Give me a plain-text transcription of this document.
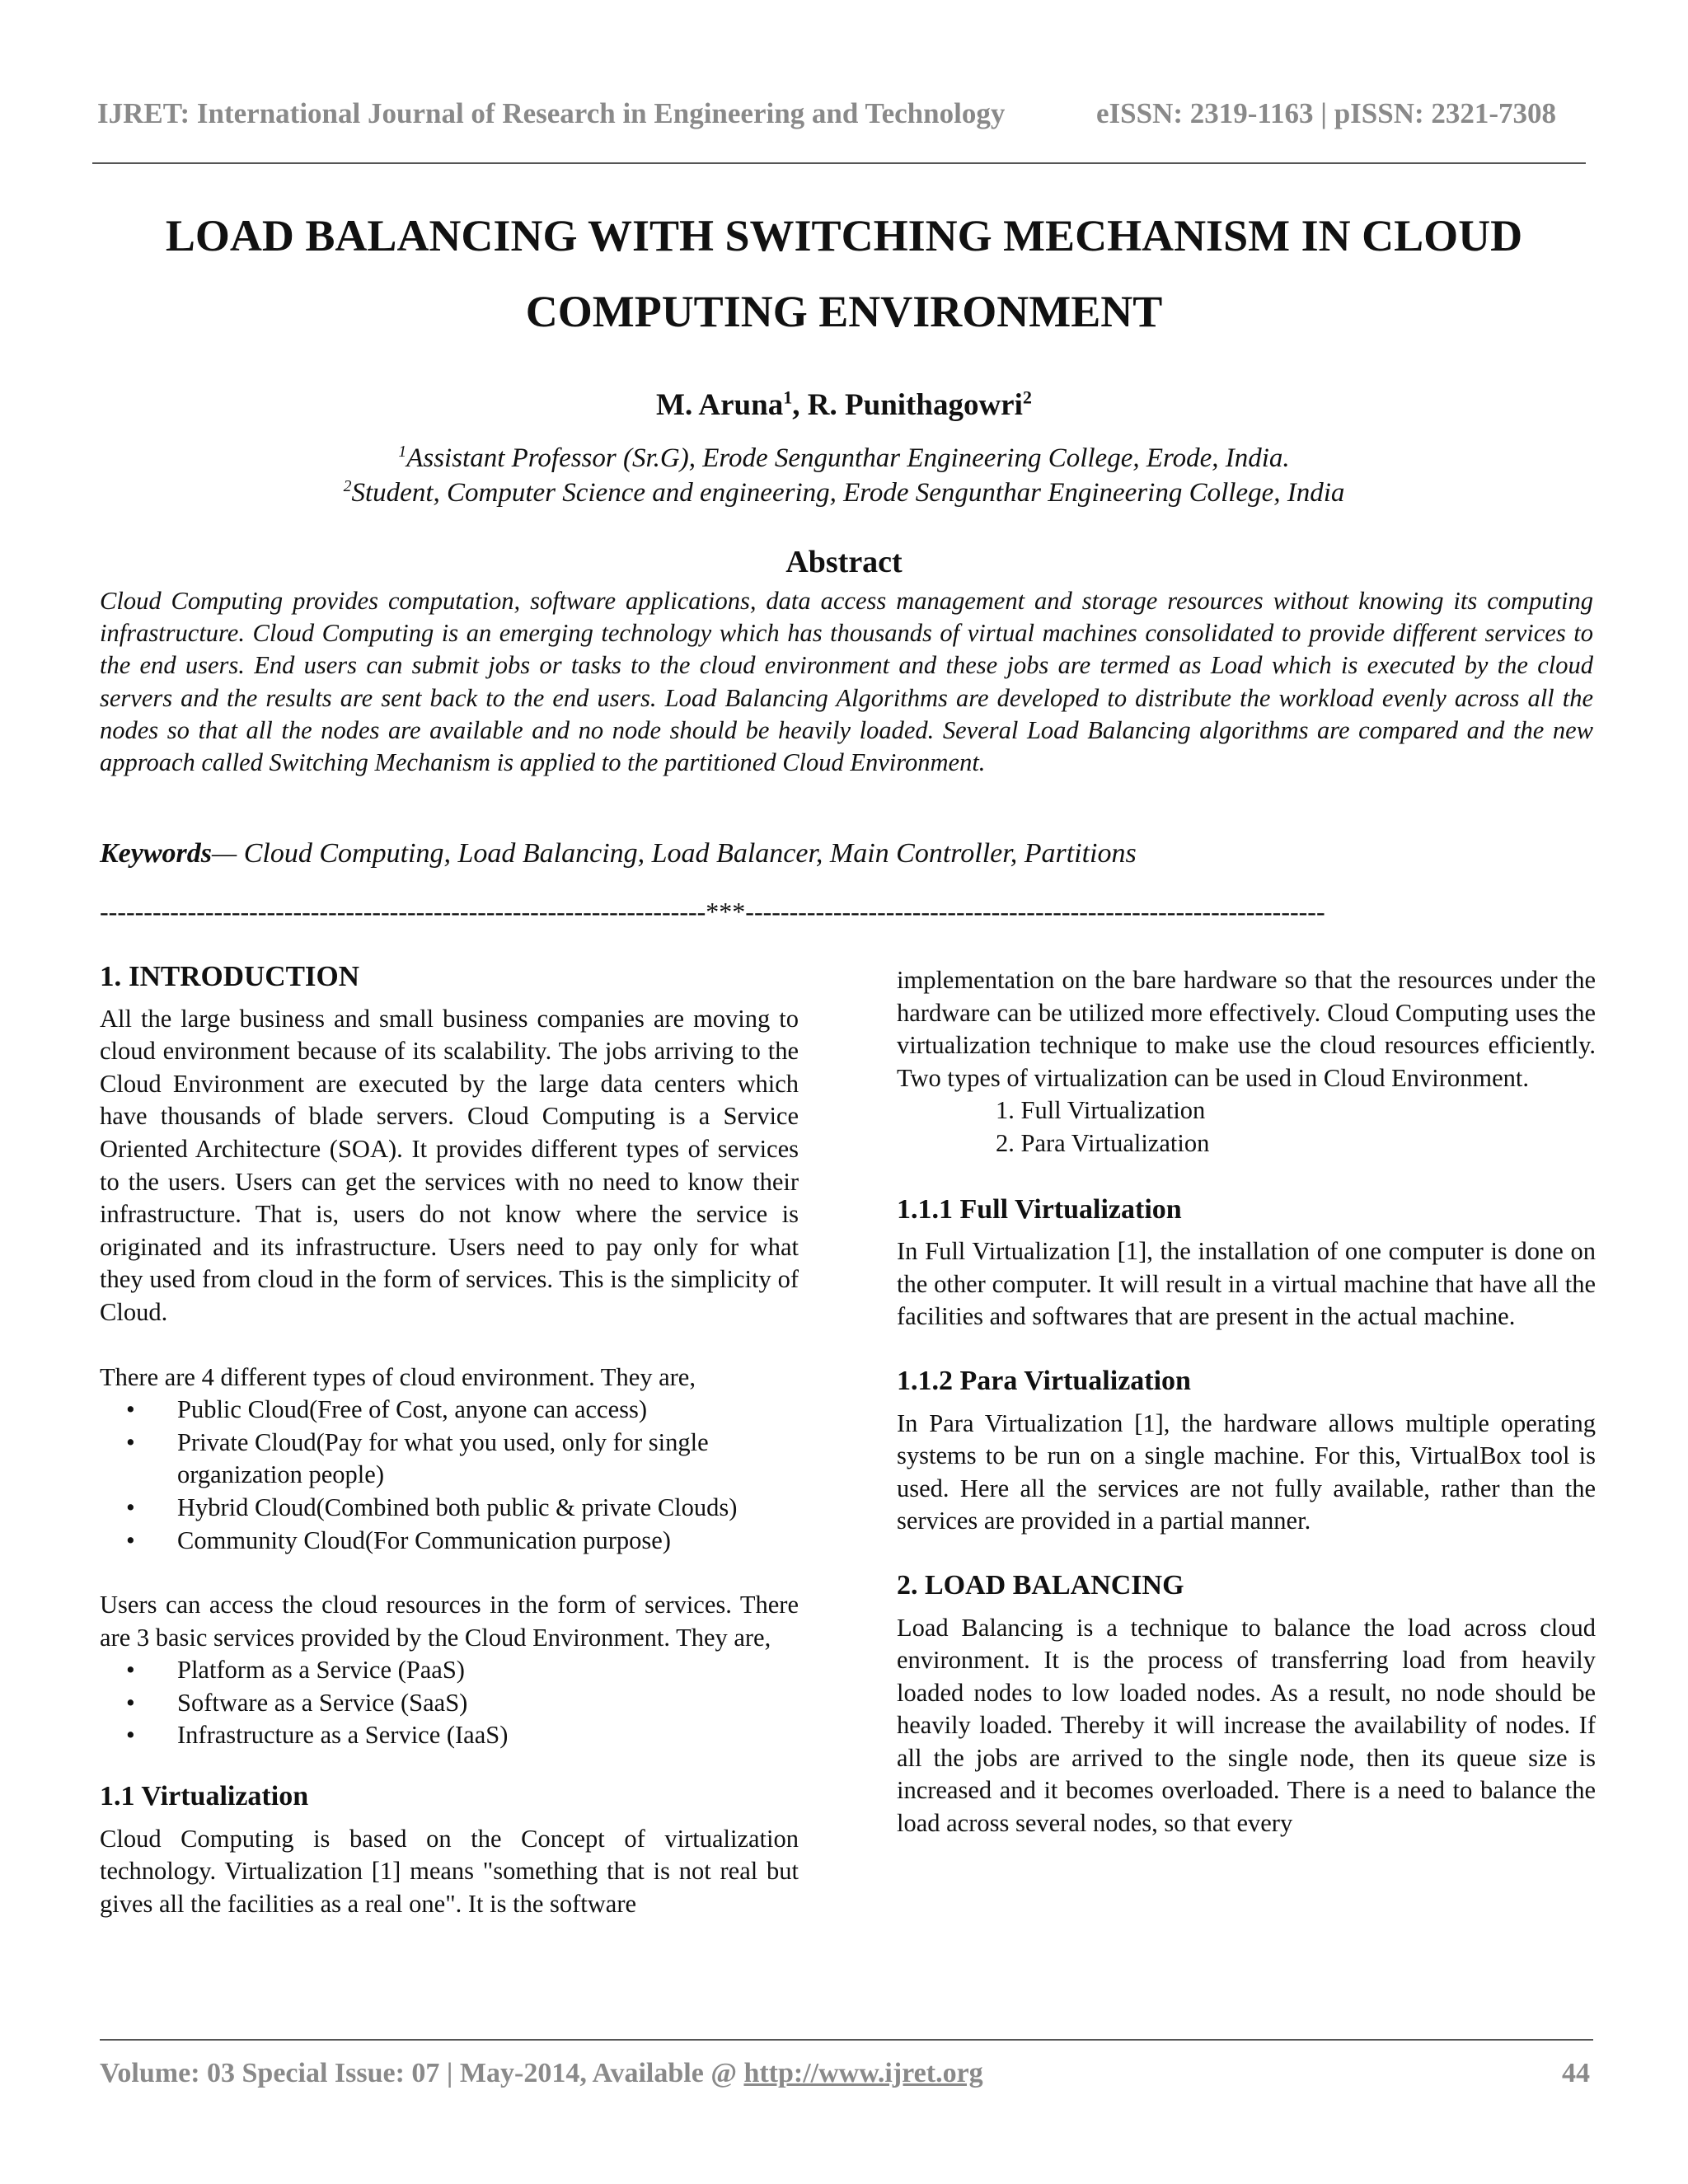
IJRET: International Journal of Research in Engineering and Technology	eISSN: 2319-1163 | pISSN: 2321-7308
LOAD BALANCING WITH SWITCHING MECHANISM IN CLOUD
COMPUTING ENVIRONMENT
M. Aruna$^1$, R. Punithagowri$^2$
$^1$Assistant Professor (Sr.G), Erode Sengunthar Engineering College, Erode, India.
$^2$Student, Computer Science and engineering, Erode Sengunthar Engineering College, India
Abstract
Cloud Computing provides computation, software applications, data access management and storage resources without knowing its computing infrastructure. Cloud Computing is an emerging technology which has thousands of virtual machines consolidated to provide different services to the end users. End users can submit jobs or tasks to the cloud environment and these jobs are termed as Load which is executed by the cloud servers and the results are sent back to the end users. Load Balancing Algorithms are developed to distribute the workload evenly across all the nodes so that all the nodes are available and no node should be heavily loaded. Several Load Balancing algorithms are compared and the new approach called Switching Mechanism is applied to the partitioned Cloud Environment.
Keywords— Cloud Computing, Load Balancing, Load Balancer, Main Controller, Partitions
---------------------------------------------------------------------***------------------------------------------------------------------
1. INTRODUCTION

All the large business and small business companies are moving to cloud environment because of its scalability. The jobs arriving to the Cloud Environment are executed by the large data centers which have thousands of blade servers. Cloud Computing is a Service Oriented Architecture (SOA). It provides different types of services to the users. Users can get the services with no need to know their infrastructure. That is, users do not know where the service is originated and its infrastructure. Users need to pay only for what they used from cloud in the form of services. This is the simplicity of Cloud.

There are 4 different types of cloud environment. They are,

• Public Cloud(Free of Cost, anyone can access)
• Private Cloud(Pay for what you used, only for single organization people)
• Hybrid Cloud(Combined both public & private Clouds)
• Community Cloud(For Communication purpose)

Users can access the cloud resources in the form of services. There are 3 basic services provided by the Cloud Environment. They are,

• Platform as a Service (PaaS)
• Software as a Service (SaaS)
• Infrastructure as a Service (IaaS)
1.1 Virtualization

Cloud Computing is based on the Concept of virtualization technology. Virtualization [1] means "something that is not real but gives all the facilities as a real one". It is the software

implementation on the bare hardware so that the resources under the hardware can be utilized more effectively. Cloud Computing uses the virtualization technique to make use the cloud resources efficiently. Two types of virtualization can be used in Cloud Environment.

1. Full Virtualization
2. Para Virtualization
1.1.1 Full Virtualization

In Full Virtualization [1], the installation of one computer is done on the other computer. It will result in a virtual machine that have all the facilities and softwares that are present in the actual machine.

1.1.2 Para Virtualization

In Para Virtualization [1], the hardware allows multiple operating systems to be run on a single machine. For this, VirtualBox tool is used. Here all the services are not fully available, rather than the services are provided in a partial manner.

2. LOAD BALANCING

Load Balancing is a technique to balance the load across cloud environment. It is the process of transferring load from heavily loaded nodes to low loaded nodes. As a result, no node should be heavily loaded. Thereby it will increase the availability of nodes. If all the jobs are arrived to the single node, then its queue size is increased and it becomes overloaded. There is a need to balance the load across several nodes, so that every

Volume: 03 Special Issue: 07 | May-2014, Available @ http://www.ijret.org	44
